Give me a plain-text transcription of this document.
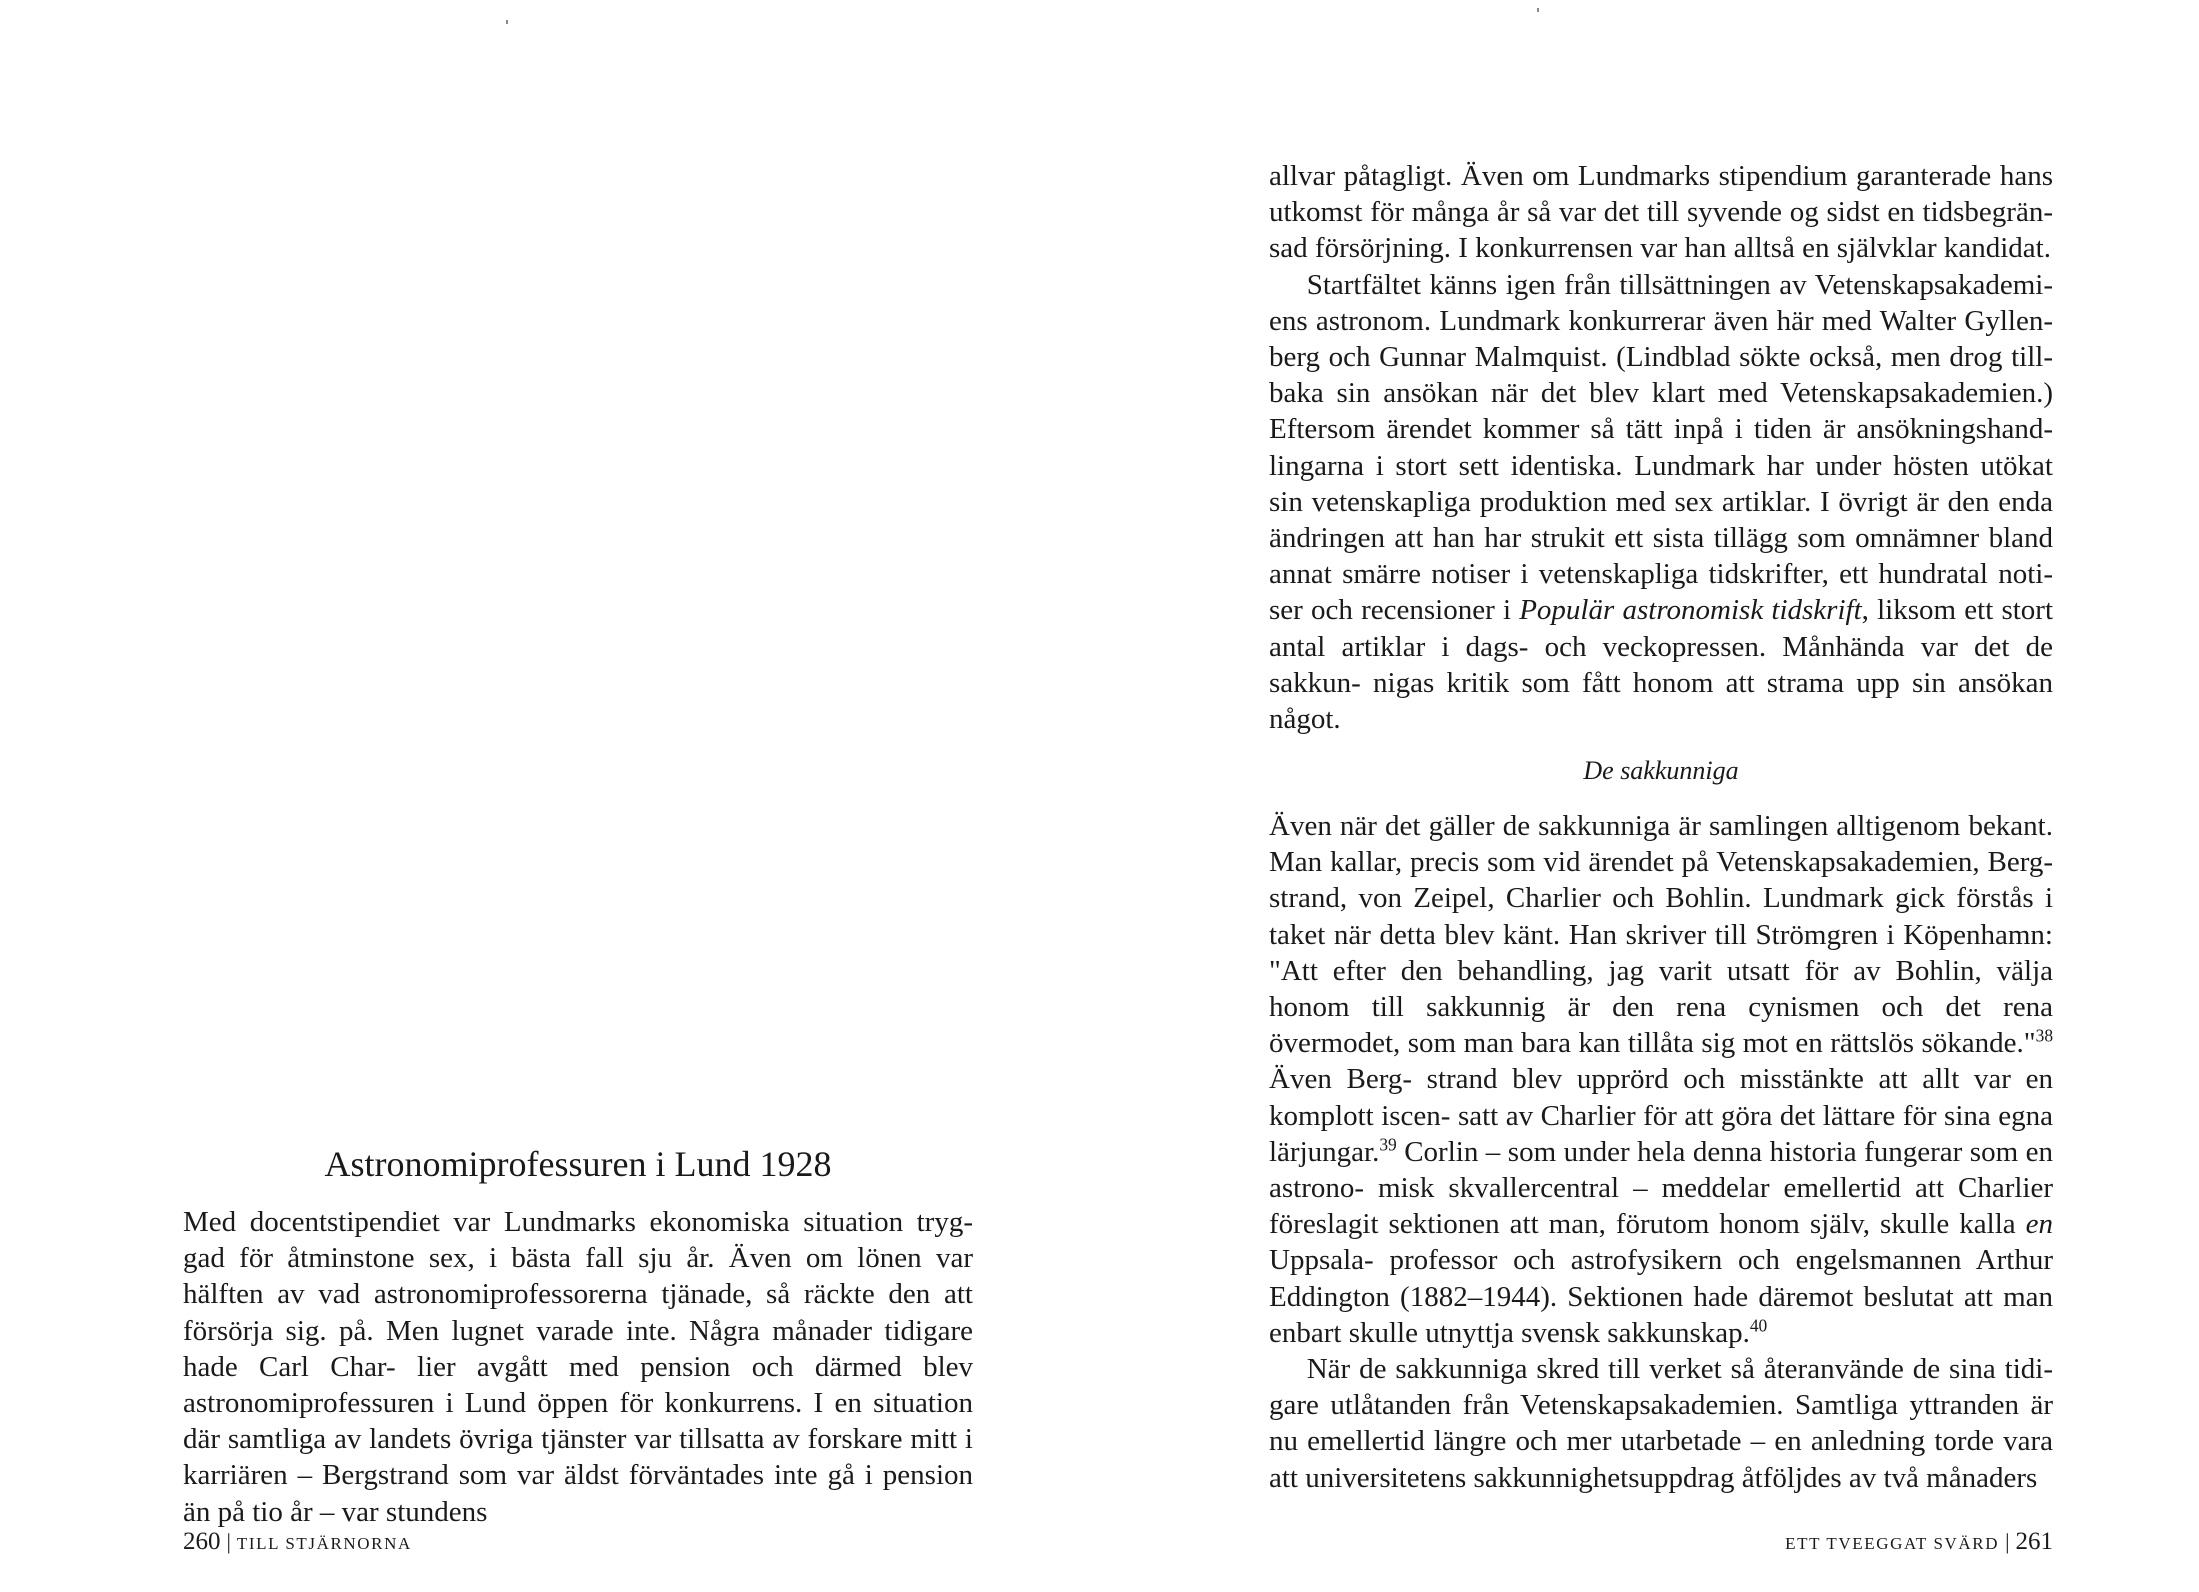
Astronomiprofessuren i Lund 1928

Med docentstipendiet var Lundmarks ekonomiska situation tryg- gad för åtminstone sex, i bästa fall sju år. Även om lönen var hälften av vad astronomiprofessorerna tjänade, så räckte den att försörja sig. på. Men lugnet varade inte. Några månader tidigare hade Carl Char- lier avgått med pension och därmed blev astronomiprofessuren i Lund öppen för konkurrens. I en situation där samtliga av landets övriga tjänster var tillsatta av forskare mitt i karriären – Bergstrand som var äldst förväntades inte gå i pension än på tio år – var stundens

260 | TILL STJÄRNORNA

allvar påtagligt. Även om Lundmarks stipendium garanterade hans utkomst för många år så var det till syvende og sidst en tidsbegrän- sad försörjning. I konkurrensen var han alltså en självklar kandidat.

Startfältet känns igen från tillsättningen av Vetenskapsakademi- ens astronom. Lundmark konkurrerar även här med Walter Gyllen- berg och Gunnar Malmquist. (Lindblad sökte också, men drog till- baka sin ansökan när det blev klart med Vetenskapsakademien.) Eftersom ärendet kommer så tätt inpå i tiden är ansökningshand- lingarna i stort sett identiska. Lundmark har under hösten utökat sin vetenskapliga produktion med sex artiklar. I övrigt är den enda ändringen att han har strukit ett sista tillägg som omnämner bland annat smärre notiser i vetenskapliga tidskrifter, ett hundratal noti- ser och recensioner i Populär astronomisk tidskrift, liksom ett stort antal artiklar i dags- och veckopressen. Månhända var det de sakkun- nigas kritik som fått honom att strama upp sin ansökan något.

De sakkunniga

Även när det gäller de sakkunniga är samlingen alltigenom bekant. Man kallar, precis som vid ärendet på Vetenskapsakademien, Berg- strand, von Zeipel, Charlier och Bohlin. Lundmark gick förstås i taket när detta blev känt. Han skriver till Strömgren i Köpenhamn: "Att efter den behandling, jag varit utsatt för av Bohlin, välja honom till sakkunnig är den rena cynismen och det rena övermodet, som man bara kan tillåta sig mot en rättslös sökande."$^{38}$ Även Berg- strand blev upprörd och misstänkte att allt var en komplott iscen- satt av Charlier för att göra det lättare för sina egna lärjungar.$^{39}$ Corlin – som under hela denna historia fungerar som en astrono- misk skvallercentral – meddelar emellertid att Charlier föreslagit sektionen att man, förutom honom själv, skulle kalla en Uppsala- professor och astrofysikern och engelsmannen Arthur Eddington (1882–1944). Sektionen hade däremot beslutat att man enbart skulle utnyttja svensk sakkunskap.$^{40}$

När de sakkunniga skred till verket så återanvände de sina tidi- gare utlåtanden från Vetenskapsakademien. Samtliga yttranden är nu emellertid längre och mer utarbetade – en anledning torde vara att universitetens sakkunnighetsuppdrag åtföljdes av två månaders

ETT TVEEGGAT SVÄRD | 261
